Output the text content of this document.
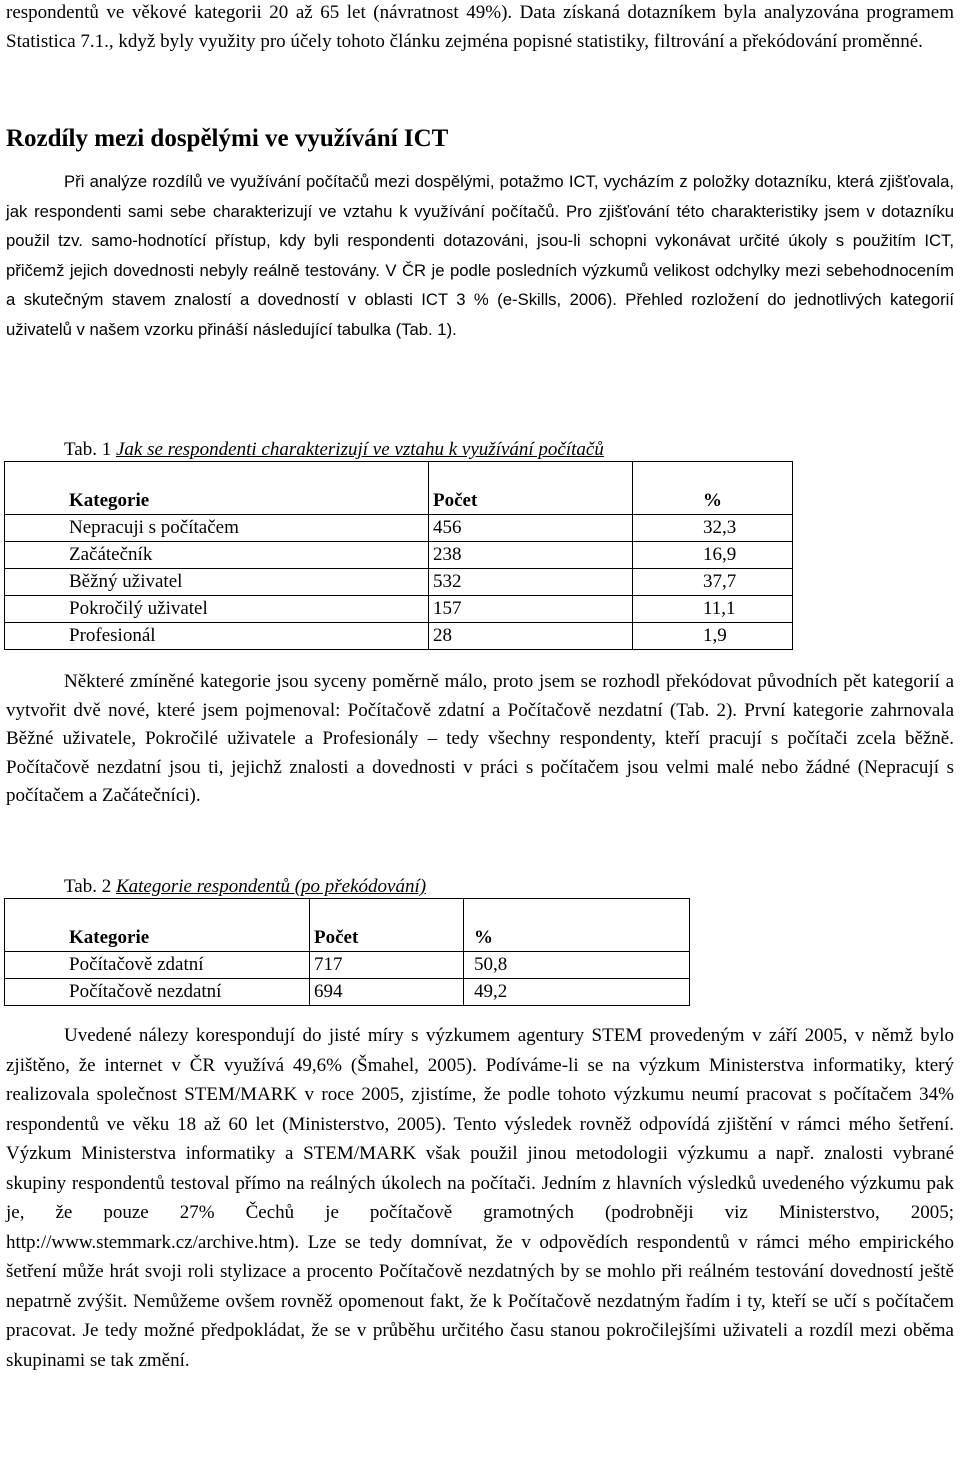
respondentů ve věkové kategorii 20 až 65 let (návratnost 49%). Data získaná dotazníkem byla analyzována programem Statistica 7.1., když byly využity pro účely tohoto článku zejména popisné statistiky, filtrování a překódování proměnné.

Rozdíly mezi dospělými ve využívání ICT

Při analýze rozdílů ve využívání počítačů mezi dospělými, potažmo ICT, vycházím z položky dotazníku, která zjišťovala, jak respondenti sami sebe charakterizují ve vztahu k využívání počítačů. Pro zjišťování této charakteristiky jsem v dotazníku použil tzv. samo-hodnotící přístup, kdy byli respondenti dotazováni, jsou-li schopni vykonávat určité úkoly s použitím ICT, přičemž jejich dovednosti nebyly reálně testovány. V ČR je podle posledních výzkumů velikost odchylky mezi sebehodnocením a skutečným stavem znalostí a dovedností v oblasti ICT 3 % (e-Skills, 2006). Přehled rozložení do jednotlivých kategorií uživatelů v našem vzorku přináší následující tabulka (Tab. 1).

Tab. 1 Jak se respondenti charakterizují ve vztahu k využívání počítačů

Kategorie	Počet	%
Nepracuji s počítačem	456	32,3
Začátečník	238	16,9
Běžný uživatel	532	37,7
Pokročilý uživatel	157	11,1
Profesionál	28	1,9

Některé zmíněné kategorie jsou syceny poměrně málo, proto jsem se rozhodl překódovat původních pět kategorií a vytvořit dvě nové, které jsem pojmenoval: Počítačově zdatní a Počítačově nezdatní (Tab. 2). První kategorie zahrnovala Běžné uživatele, Pokročilé uživatele a Profesionály – tedy všechny respondenty, kteří pracují s počítači zcela běžně. Počítačově nezdatní jsou ti, jejichž znalosti a dovednosti v práci s počítačem jsou velmi malé nebo žádné (Nepracují s počítačem a Začátečníci).

Tab. 2 Kategorie respondentů (po překódování)

Kategorie	Počet	%
Počítačově zdatní	717	50,8
Počítačově nezdatní	694	49,2

Uvedené nálezy korespondují do jisté míry s výzkumem agentury STEM provedeným v září 2005, v němž bylo zjištěno, že internet v ČR využívá 49,6% (Šmahel, 2005). Podíváme-li se na výzkum Ministerstva informatiky, který realizovala společnost STEM/MARK v roce 2005, zjistíme, že podle tohoto výzkumu neumí pracovat s počítačem 34% respondentů ve věku 18 až 60 let (Ministerstvo, 2005). Tento výsledek rovněž odpovídá zjištění v rámci mého šetření. Výzkum Ministerstva informatiky a STEM/MARK však použil jinou metodologii výzkumu a např. znalosti vybrané skupiny respondentů testoval přímo na reálných úkolech na počítači. Jedním z hlavních výsledků uvedeného výzkumu pak je, že pouze 27% Čechů je počítačově gramotných (podrobněji viz Ministerstvo, 2005; http://www.stemmark.cz/archive.htm). Lze se tedy domnívat, že v odpovědích respondentů v rámci mého empirického šetření může hrát svoji roli stylizace a procento Počítačově nezdatných by se mohlo při reálném testování dovedností ještě nepatrně zvýšit. Nemůžeme ovšem rovněž opomenout fakt, že k Počítačově nezdatným řadím i ty, kteří se učí s počítačem pracovat. Je tedy možné předpokládat, že se v průběhu určitého času stanou pokročilejšími uživateli a rozdíl mezi oběma skupinami se tak změní.
